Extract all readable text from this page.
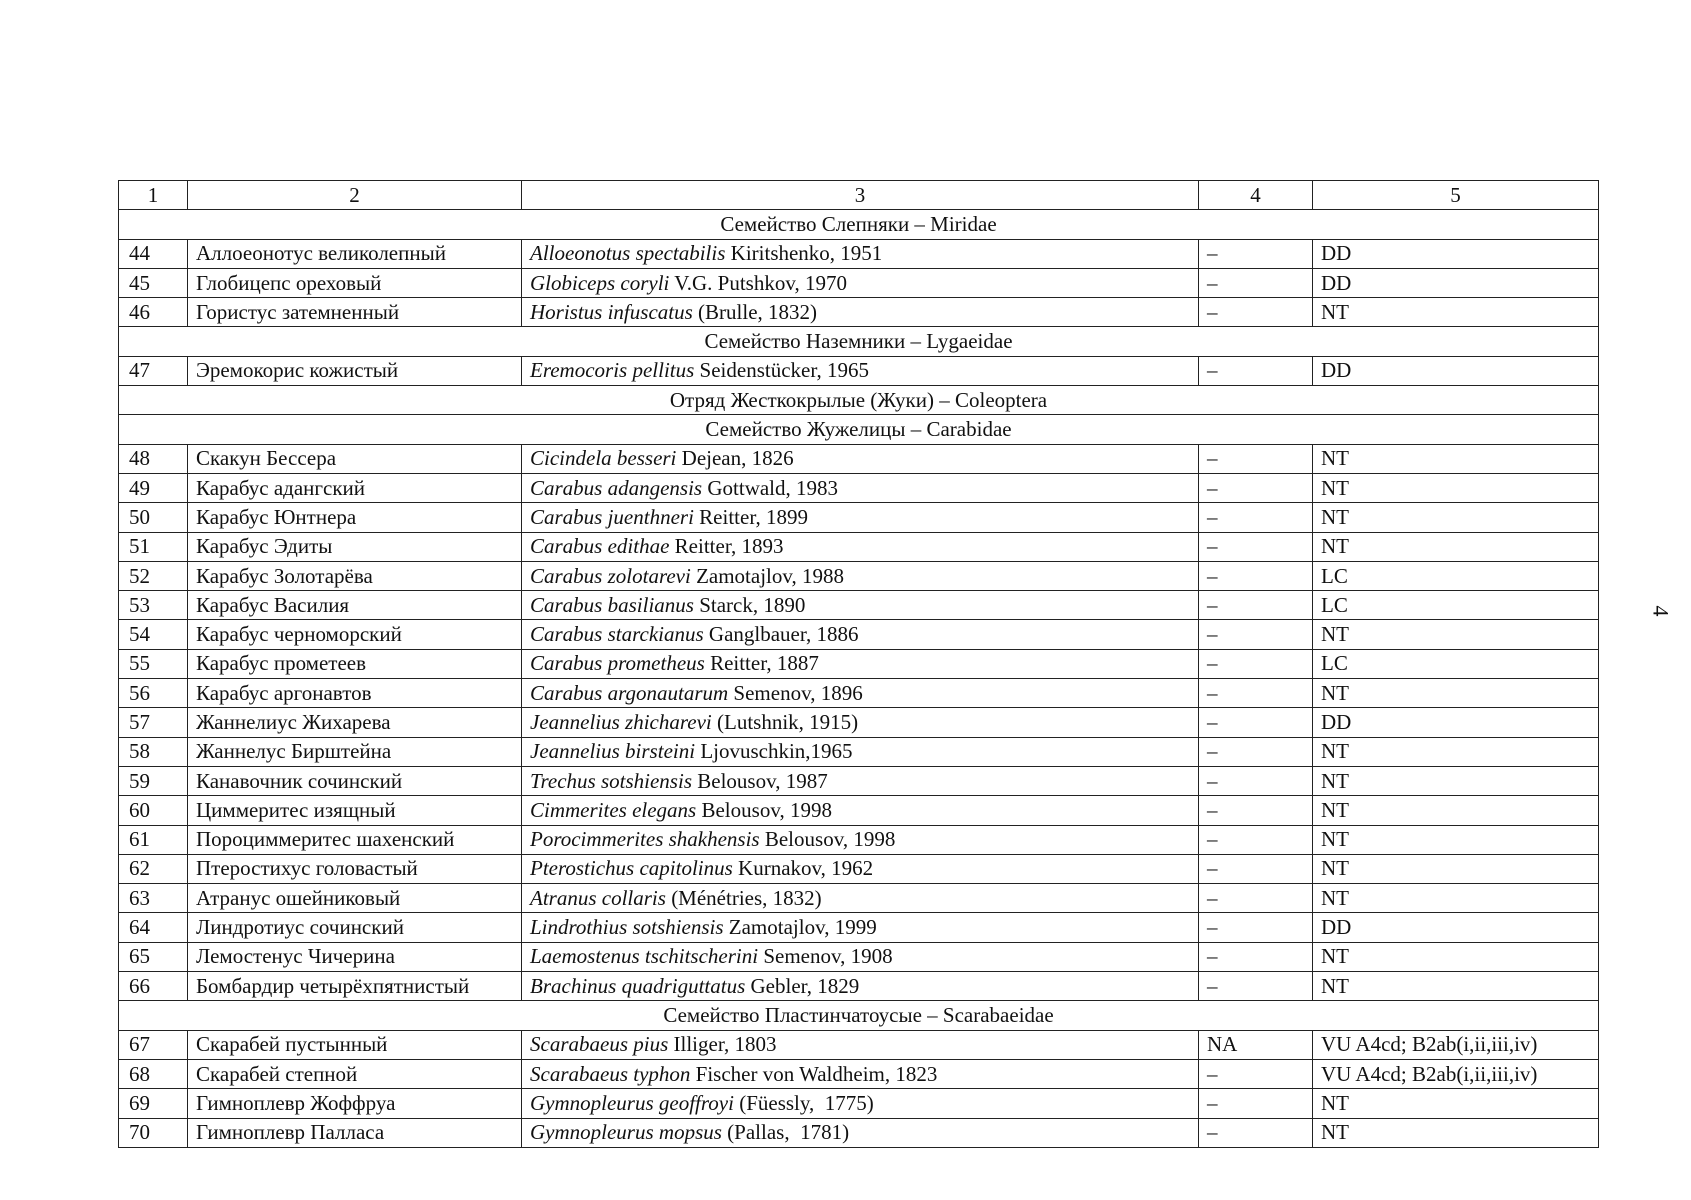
1	2	3	4	5
Семейство Слепняки – Miridae				
44	Аллоеонотус великолепный	Alloeonotus spectabilis Kiritshenko, 1951	–	DD
45	Глобицепс ореховый	Globiceps coryli V.G. Putshkov, 1970	–	DD
46	Гористус затемненный	Horistus infuscatus (Brulle, 1832)	–	NT
Семейство Наземники – Lygaeidae				
47	Эремокорис кожистый	Eremocoris pellitus Seidenstücker, 1965	–	DD
Отряд Жесткокрылые (Жуки) – Coleoptera				
Семейство Жужелицы – Carabidae				
48	Скакун Бессера	Cicindela besseri Dejean, 1826	–	NT
49	Карабус адангский	Carabus adangensis Gottwald, 1983	–	NT
50	Карабус Юнтнера	Carabus juenthneri Reitter, 1899	–	NT
51	Карабус Эдиты	Carabus edithae Reitter, 1893	–	NT
52	Карабус Золотарёва	Carabus zolotarevi Zamotajlov, 1988	–	LC
53	Карабус Василия	Carabus basilianus Starck, 1890	–	LC
54	Карабус черноморский	Carabus starckianus Ganglbauer, 1886	–	NT
55	Карабус прометеев	Carabus prometheus Reitter, 1887	–	LC
56	Карабус аргонавтов	Carabus argonautarum Semenov, 1896	–	NT
57	Жаннелиус Жихарева	Jeannelius zhicharevi (Lutshnik, 1915)	–	DD
58	Жаннелус Бирштейна	Jeannelius birsteini Ljovuschkin,1965	–	NT
59	Канавочник сочинский	Trechus sotshiensis Belousov, 1987	–	NT
60	Циммеритес изящный	Cimmerites elegans Belousov, 1998	–	NT
61	Пороциммеритес шахенский	Porocimmerites shakhensis Belousov, 1998	–	NT
62	Птеростихус головастый	Pterostichus capitolinus Kurnakov, 1962	–	NT
63	Атранус ошейниковый	Atranus collaris (Ménétries, 1832)	–	NT
64	Линдротиус сочинский	Lindrothius sotshiensis Zamotajlov, 1999	–	DD
65	Лемостенус Чичерина	Laemostenus tschitscherini Semenov, 1908	–	NT
66	Бомбардир четырёхпятнистый	Brachinus quadriguttatus Gebler, 1829	–	NT
Семейство Пластинчатоусые – Scarabaeidae				
67	Скарабей пустынный	Scarabaeus pius Illiger, 1803	NA	VU A4cd; B2ab(i,ii,iii,iv)
68	Скарабей степной	Scarabaeus typhon Fischer von Waldheim, 1823	–	VU A4cd; B2ab(i,ii,iii,iv)
69	Гимноплевр Жоффруа	Gymnopleurus geoffroyi (Füessly,  1775)	–	NT
70	Гимноплевр Палласа	Gymnopleurus mopsus (Pallas,  1781)	–	NT
4
